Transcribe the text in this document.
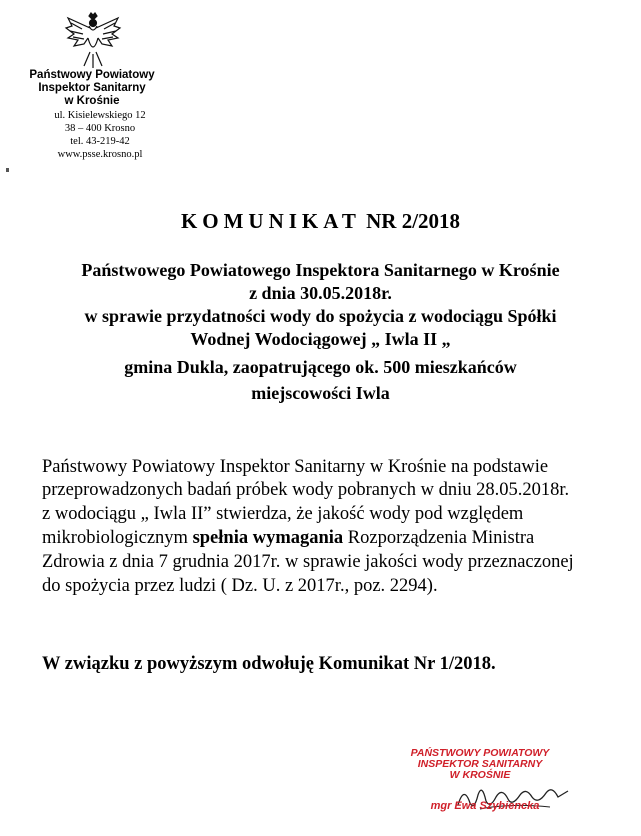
Państwowy Powiatowy
Inspektor Sanitarny
w Krośnie
ul. Kisielewskiego 12
38 – 400 Krosno
tel. 43-219-42
www.psse.krosno.pl
KOMUNIKAT NR 2/2018
Państwowego Powiatowego Inspektora Sanitarnego w Krośnie
z dnia 30.05.2018r.
w sprawie przydatności wody do spożycia z wodociągu Spółki
Wodnej Wodociągowej „ Iwla II „
gmina Dukla, zaopatrującego ok. 500 mieszkańców
miejscowości Iwla
Państwowy Powiatowy Inspektor Sanitarny w Krośnie na podstawie
przeprowadzonych badań próbek wody pobranych w dniu 28.05.2018r.
z wodociągu „ Iwla II” stwierdza, że jakość wody pod względem
mikrobiologicznym spełnia wymagania Rozporządzenia Ministra
Zdrowia z dnia 7 grudnia 2017r. w sprawie jakości wody przeznaczonej
do spożycia przez ludzi ( Dz. U. z 2017r., poz. 2294).
W związku z powyższym odwołuję Komunikat Nr 1/2018.
PAŃSTWOWY POWIATOWY
INSPEKTOR SANITARNY
W KROŚNIE
mgr Ewa Szybiencka
